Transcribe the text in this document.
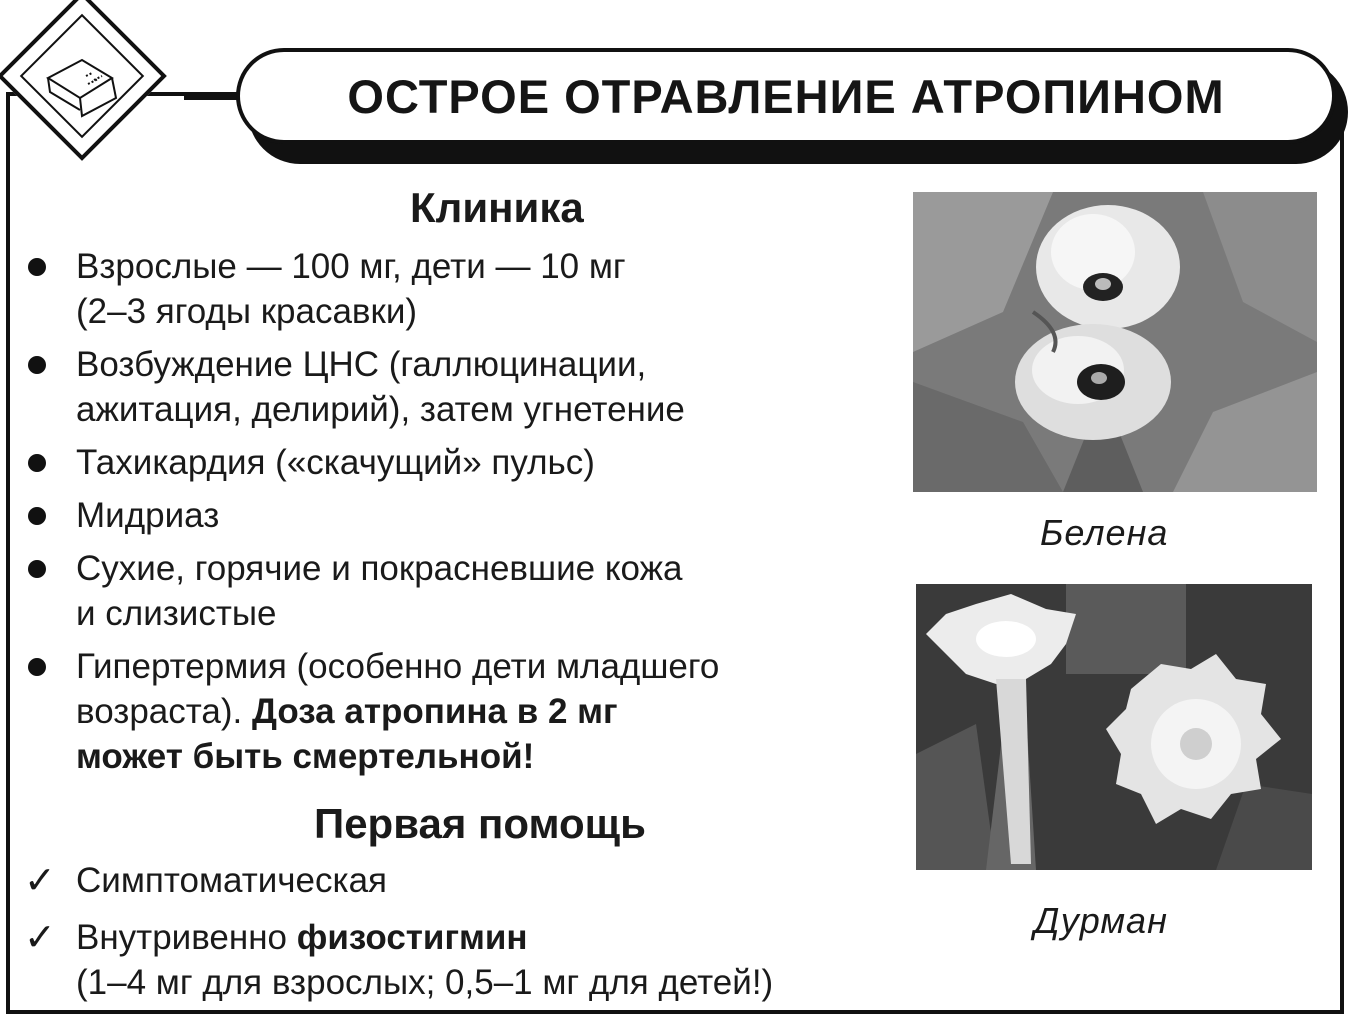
ОСТРОЕ ОТРАВЛЕНИЕ АТРОПИНОМ
Клиника
Взрослые — 100 мг, дети — 10 мг
(2–3 ягоды красавки)
Возбуждение ЦНС (галлюцинации,
ажитация, делирий), затем угнетение
Тахикардия («скачущий» пульс)
Мидриаз
Сухие, горячие и покрасневшие кожа
и слизистые
Гипертермия (особенно дети младшего
возраста). Доза атропина в 2 мг
может быть смертельной!
Первая помощь
✓ Симптоматическая
✓ Внутривенно физостигмин
(1–4 мг для взрослых; 0,5–1 мг для детей!)
Белена
Дурман
